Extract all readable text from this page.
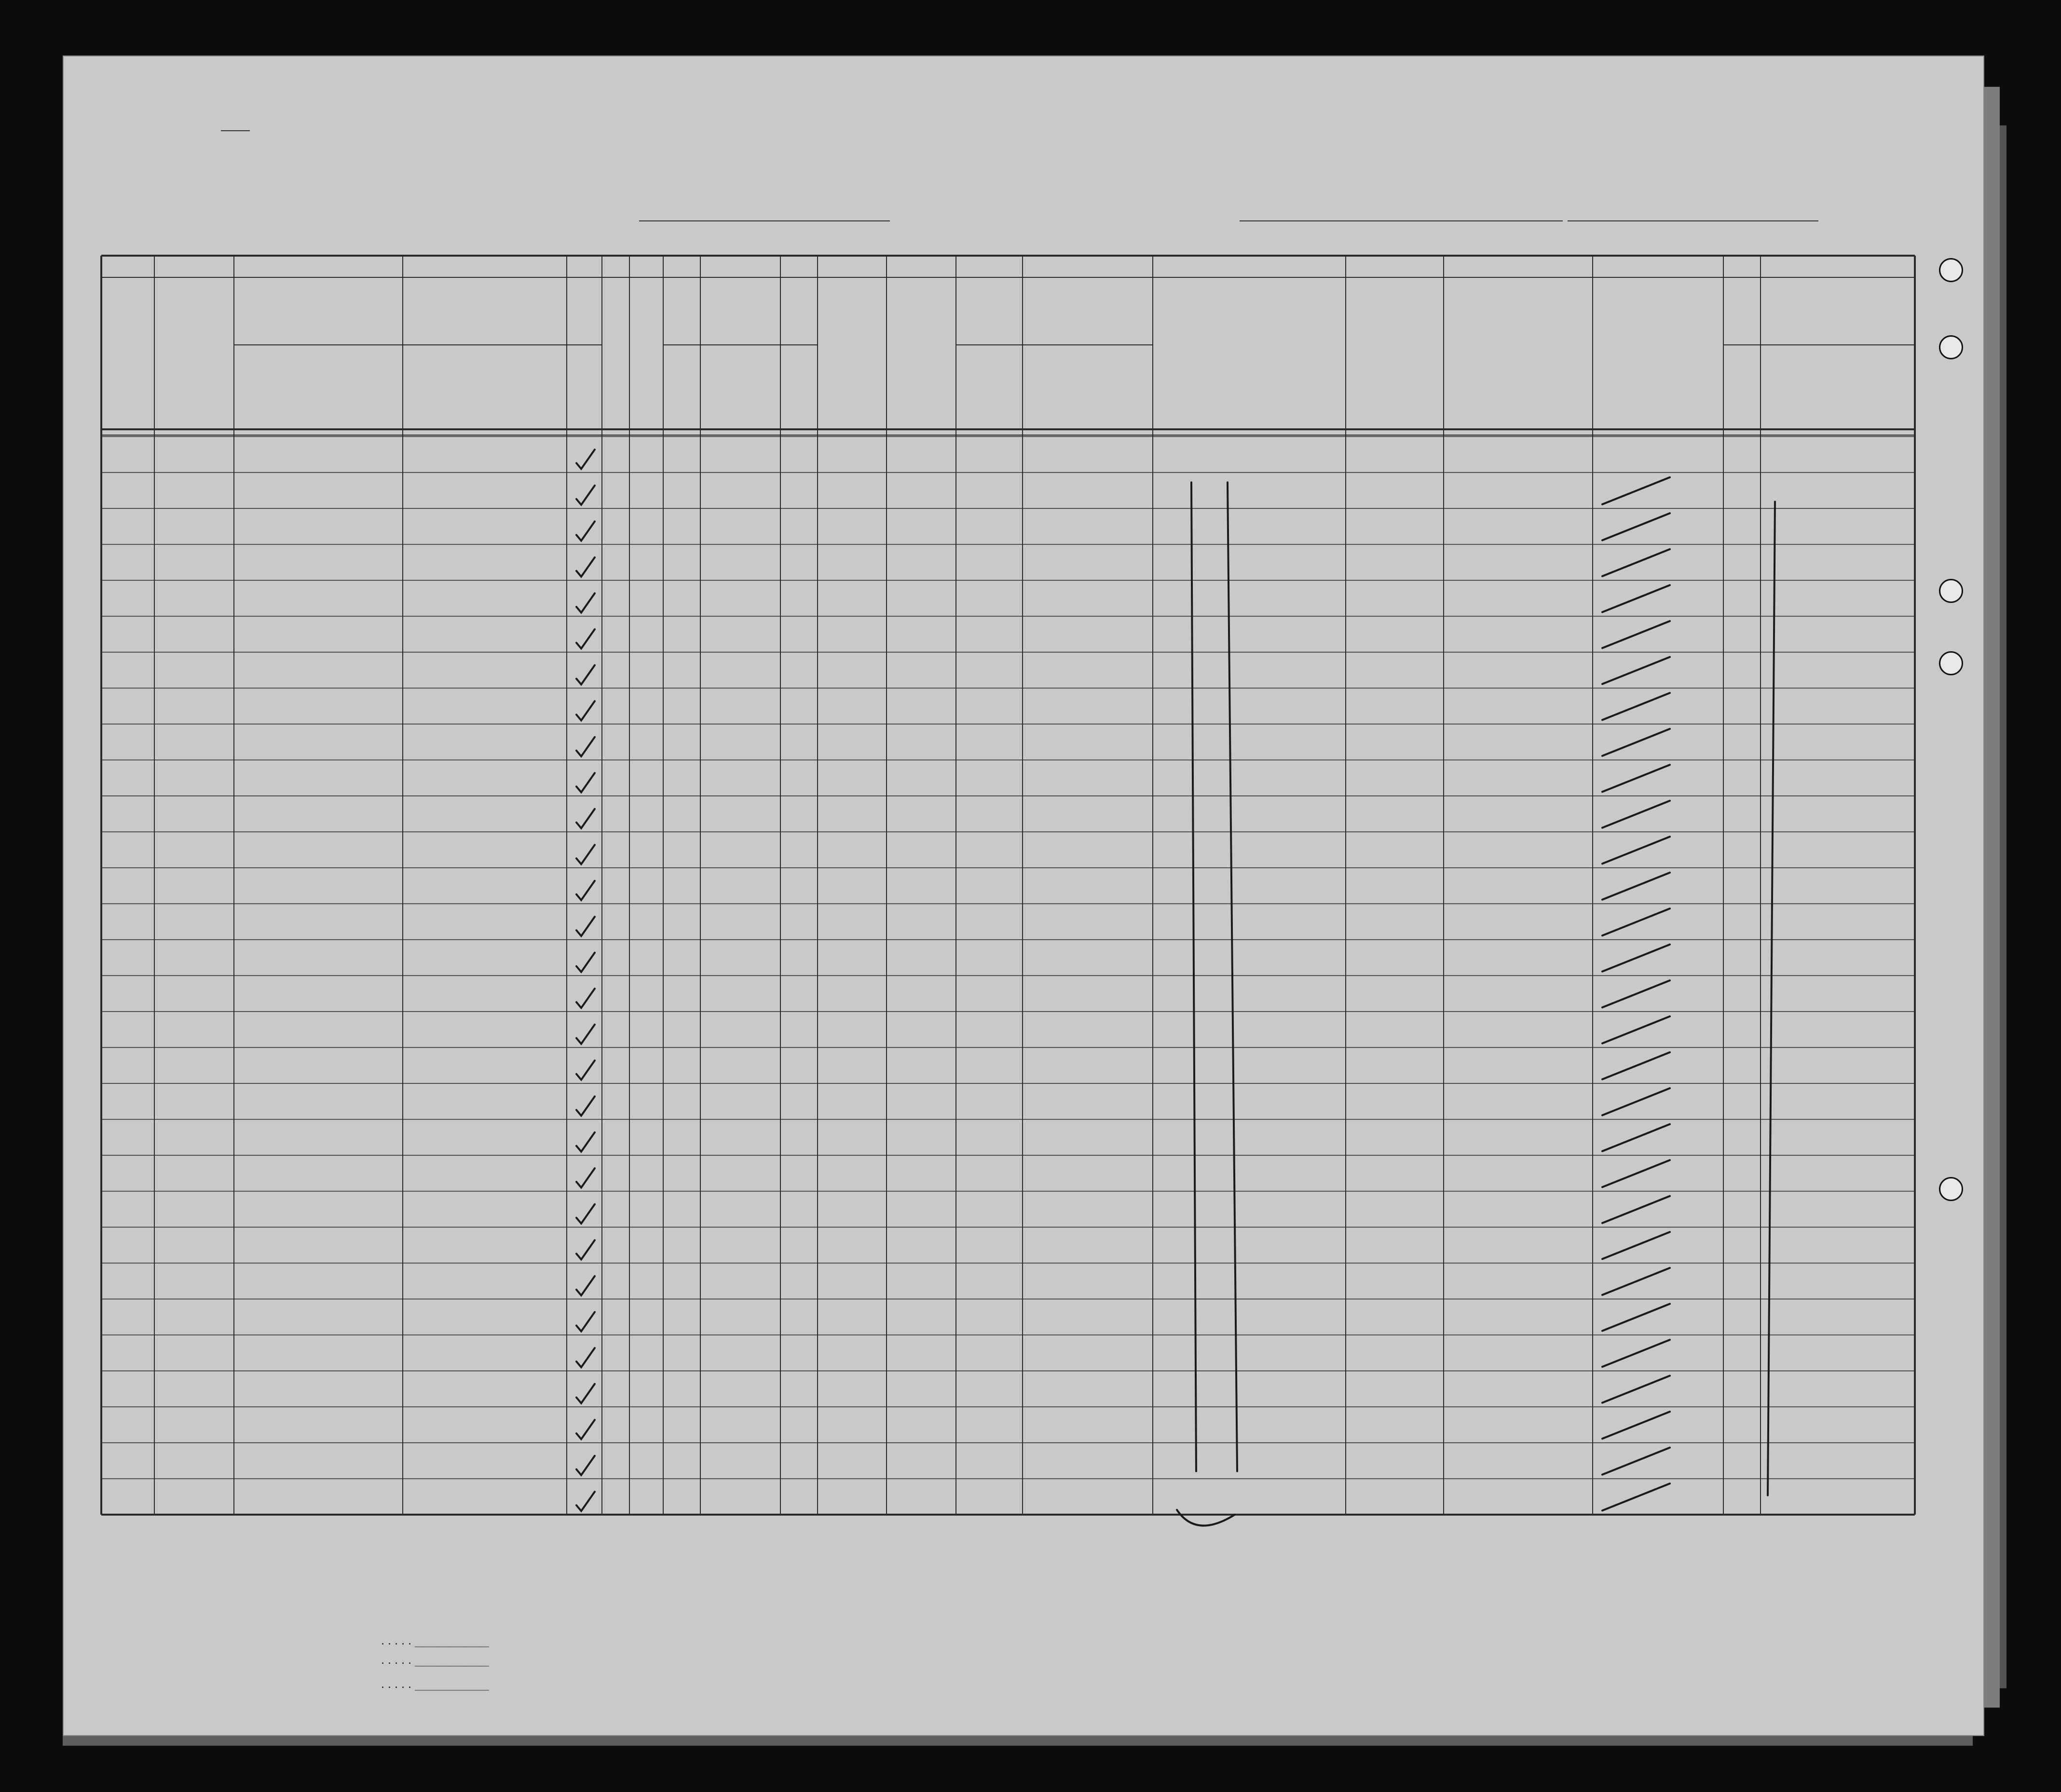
. . . . . ______________
. . . . . ______________
. . . . . ______________
